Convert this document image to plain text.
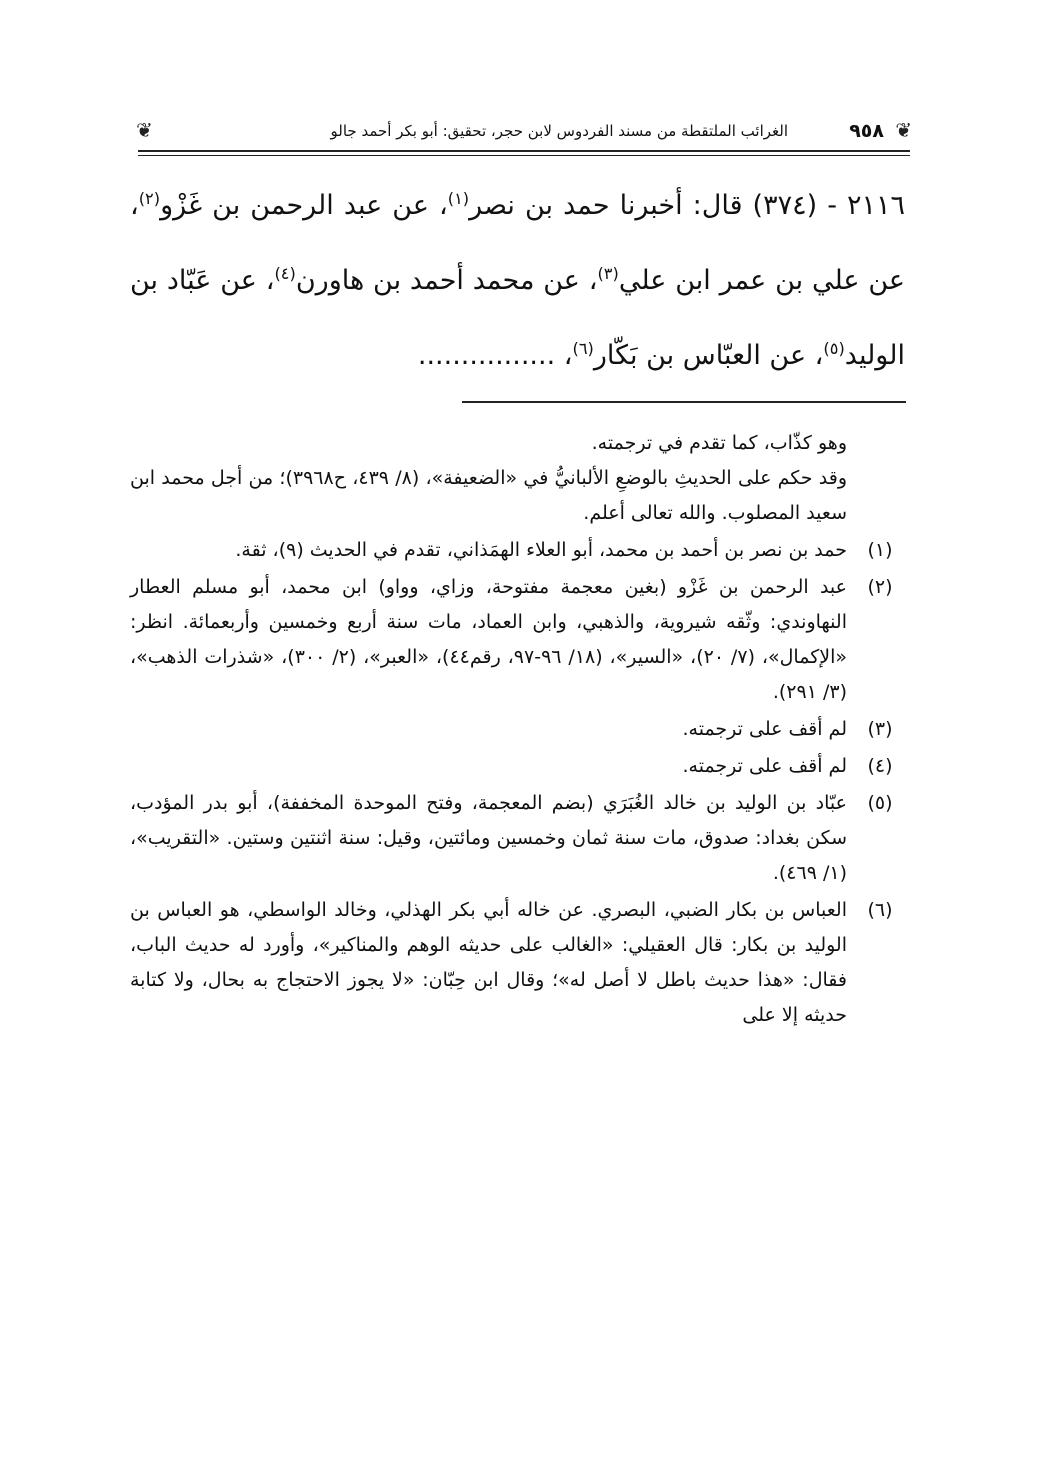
❦
٩٥٨
الغرائب الملتقطة من مسند الفردوس لابن حجر، تحقيق: أبو بكر أحمد جالو
❦

٢١١٦ - (٣٧٤) قال: أخبرنا حمد بن نصر$^{(١)}$، عن عبد الرحمن بن غَزْو$^{(٢)}$، عن علي بن عمر ابن علي$^{(٣)}$، عن محمد أحمد بن هاورن$^{(٤)}$، عن عَبّاد بن الوليد$^{(٥)}$، عن العبّاس بن بَكّار$^{(٦)}$، ................

وهو كذّاب، كما تقدم في ترجمته.

وقد حكم على الحديثِ بالوضعِ الألبانيُّ في «الضعيفة»، (٨/ ٤٣٩، ح٣٩٦٨)؛ من أجل محمد ابن سعيد المصلوب. والله تعالى أعلم.

(١)

حمد بن نصر بن أحمد بن محمد، أبو العلاء الهمَذاني، تقدم في الحديث (٩)، ثقة.

(٢)

عبد الرحمن بن غَزْو (بغين معجمة مفتوحة، وزاي، وواو) ابن محمد، أبو مسلم العطار النهاوندي: وثّقه شيروية، والذهبي، وابن العماد، مات سنة أربع وخمسين وأربعمائة. انظر: «الإكمال»، (٧/ ٢٠)، «السير»، (١٨/ ٩٦-٩٧، رقم٤٤)، «العبر»، (٢/ ٣٠٠)، «شذرات الذهب»، (٣/ ٢٩١).

(٣)

لم أقف على ترجمته.

(٤)

لم أقف على ترجمته.

(٥)

عبّاد بن الوليد بن خالد الغُبَرَي (بضم المعجمة، وفتح الموحدة المخففة)، أبو بدر المؤدب، سكن بغداد: صدوق، مات سنة ثمان وخمسين ومائتين، وقيل: سنة اثنتين وستين. «التقريب»، (١/ ٤٦٩).

(٦)

العباس بن بكار الضبي، البصري. عن خاله أبي بكر الهذلي، وخالد الواسطي، هو العباس بن الوليد بن بكار: قال العقيلي: «الغالب على حديثه الوهم والمناكير»، وأورد له حديث الباب، فقال: «هذا حديث باطل لا أصل له»؛ وقال ابن حِبّان: «لا يجوز الاحتجاج به بحال، ولا كتابة حديثه إلا على
